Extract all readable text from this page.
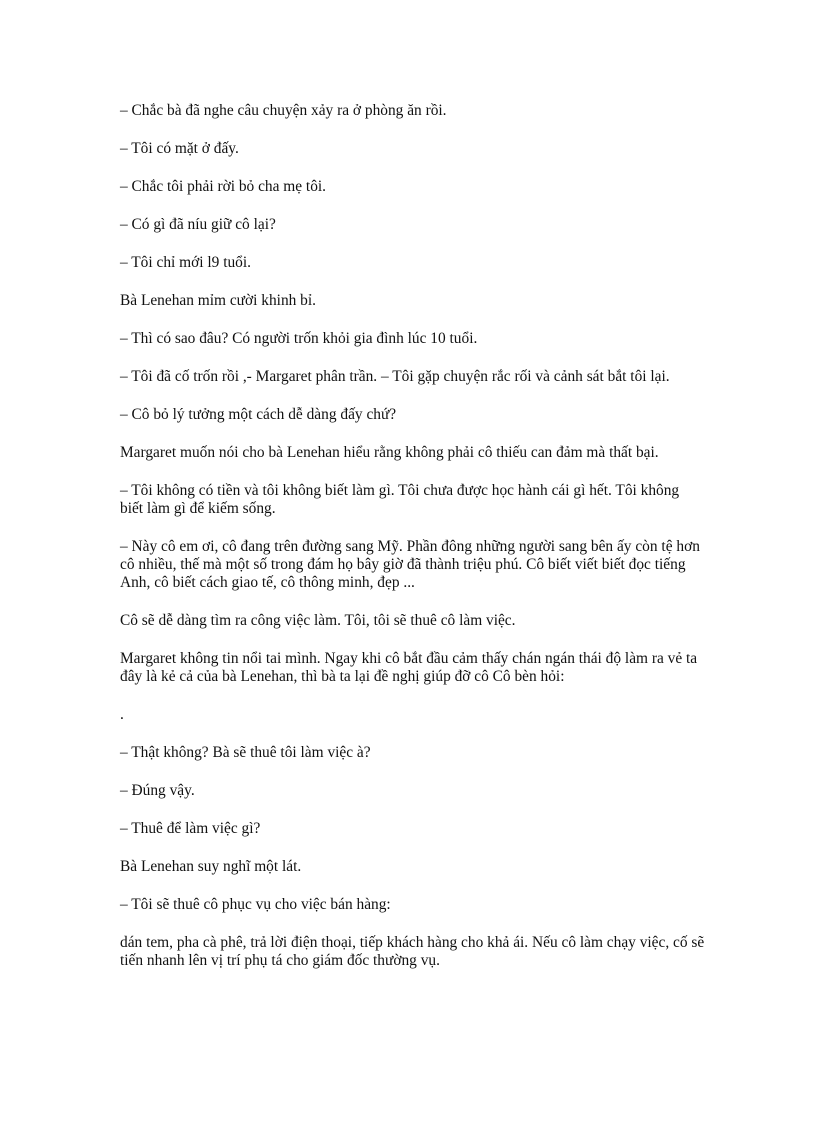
– Chắc bà đã nghe câu chuyện xảy ra ở phòng ăn rồi.

– Tôi có mặt ở đấy.

– Chắc tôi phải rời bỏ cha mẹ tôi.

– Có gì đã níu giữ cô lại?

– Tôi chỉ mới l9 tuổi.

Bà Lenehan mỉm cười khinh bỉ.

– Thì có sao đâu? Có người trốn khỏi gia đình lúc 10 tuổi.

– Tôi đã cố trốn rồi ,- Margaret phân trần. – Tôi gặp chuyện rắc rối và cảnh sát bắt tôi lại.

– Cô bỏ lý tưởng một cách dễ dàng đấy chứ?

Margaret muốn nói cho bà Lenehan hiểu rằng không phải cô thiếu can đảm mà thất bại.

– Tôi không có tiền và tôi không biết làm gì. Tôi chưa được học hành cái gì hết. Tôi không biết làm gì để kiếm sống.

– Này cô em ơi, cô đang trên đường sang Mỹ. Phần đông những người sang bên ấy còn tệ hơn cô nhiều, thế mà một số trong đám họ bây giờ đã thành triệu phú. Cô biết viết biết đọc tiếng Anh, cô biết cách giao tế, cô thông minh, đẹp ...

Cô sẽ dễ dàng tìm ra công việc làm. Tôi, tôi sẽ thuê cô làm việc.

Margaret không tin nổi tai mình. Ngay khi cô bắt đầu cảm thấy chán ngán thái độ làm ra vẻ ta đây là kẻ cả của bà Lenehan, thì bà ta lại đề nghị giúp đỡ cô Cô bèn hỏi:

.

– Thật không? Bà sẽ thuê tôi làm việc à?

– Đúng vậy.

– Thuê để làm việc gì?

Bà Lenehan suy nghĩ một lát.

– Tôi sẽ thuê cô phục vụ cho việc bán hàng:

dán tem, pha cà phê, trả lời điện thoại, tiếp khách hàng cho khả ái. Nếu cô làm chạy việc, cố sẽ tiến nhanh lên vị trí phụ tá cho giám đốc thường vụ.
